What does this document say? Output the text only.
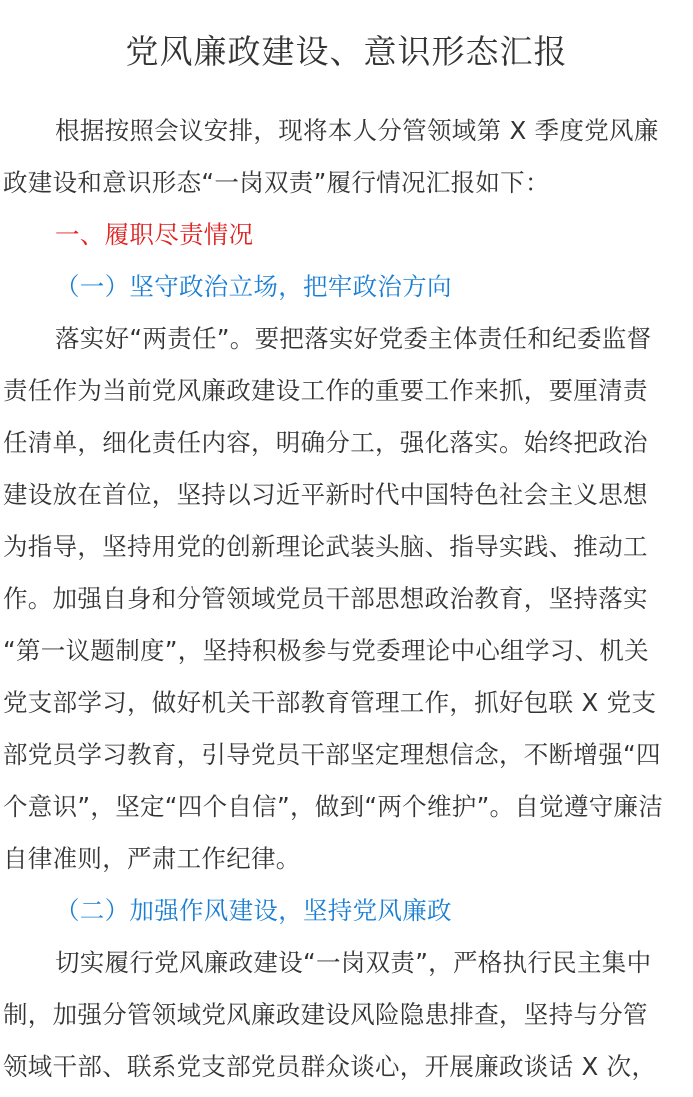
党风廉政建设、意识形态汇报
根据按照会议安排，现将本人分管领域第 X 季度党风廉
政建设和意识形态“一岗双责”履行情况汇报如下：
一、履职尽责情况
（一）坚守政治立场，把牢政治方向
落实好“两责任”。要把落实好党委主体责任和纪委监督
责任作为当前党风廉政建设工作的重要工作来抓，要厘清责
任清单，细化责任内容，明确分工，强化落实。始终把政治
建设放在首位，坚持以习近平新时代中国特色社会主义思想
为指导，坚持用党的创新理论武装头脑、指导实践、推动工
作。加强自身和分管领域党员干部思想政治教育，坚持落实
“第一议题制度”，坚持积极参与党委理论中心组学习、机关
党支部学习，做好机关干部教育管理工作，抓好包联 X 党支
部党员学习教育，引导党员干部坚定理想信念，不断增强“四
个意识”，坚定“四个自信”，做到“两个维护”。自觉遵守廉洁
自律准则，严肃工作纪律。
（二）加强作风建设，坚持党风廉政
切实履行党风廉政建设“一岗双责”，严格执行民主集中
制，加强分管领域党风廉政建设风险隐患排查，坚持与分管
领域干部、联系党支部党员群众谈心，开展廉政谈话 X 次，
